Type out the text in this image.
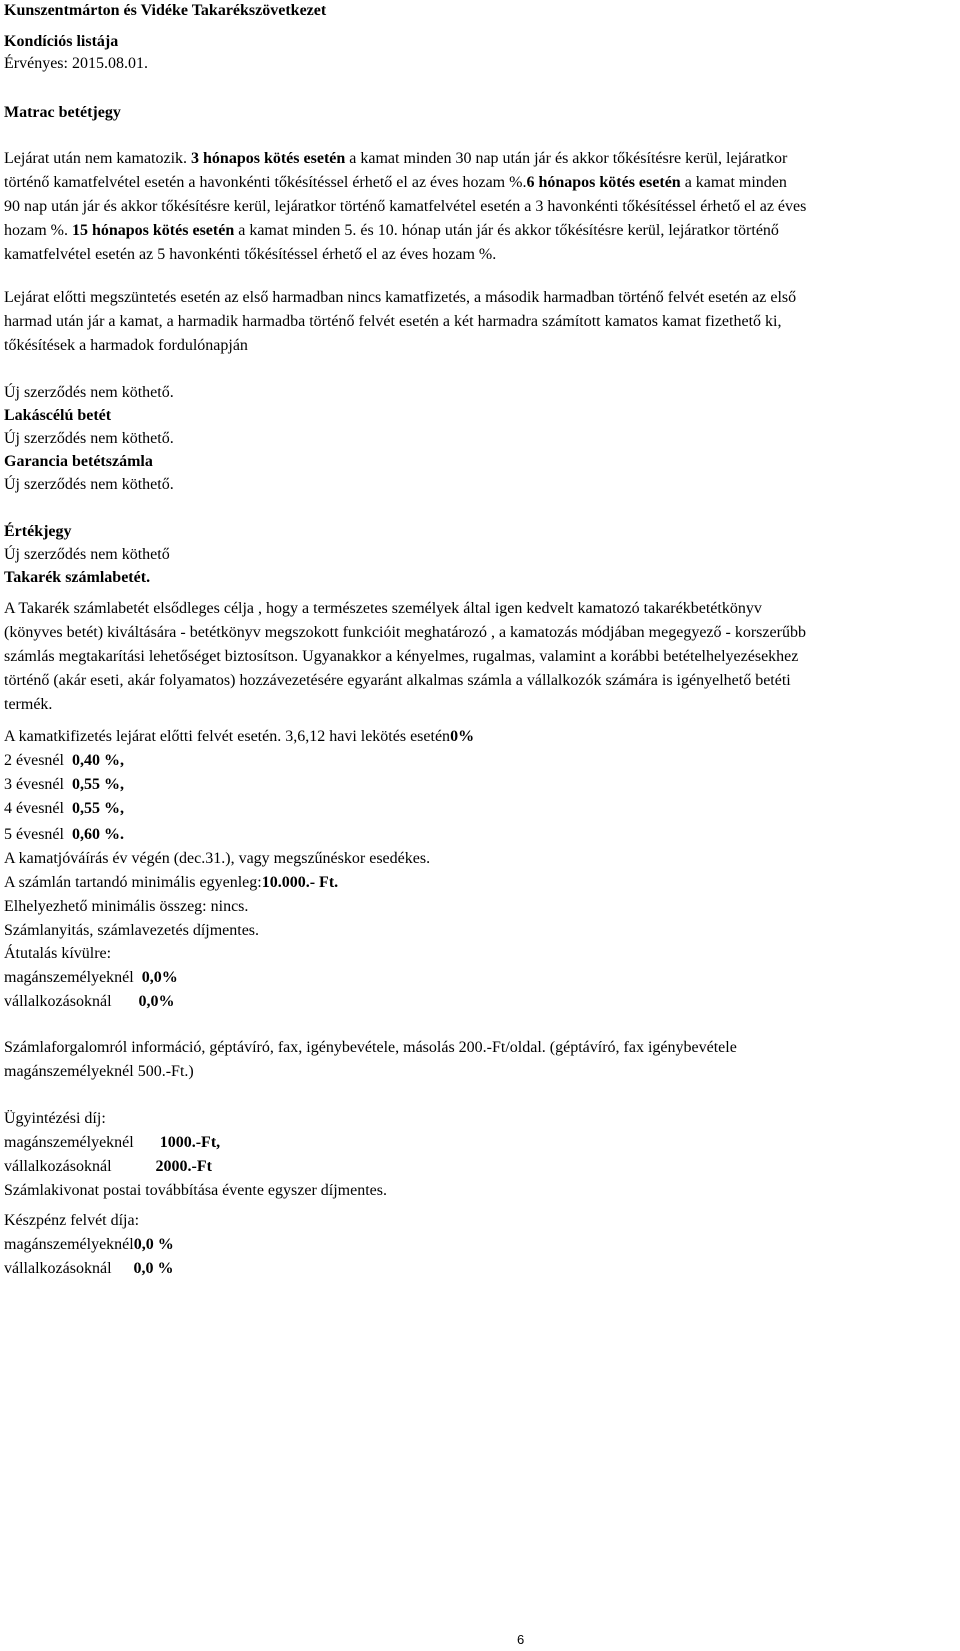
Kunszentmárton és Vidéke Takarékszövetkezet
Kondíciós listája
Érvényes: 2015.08.01.
Matrac betétjegy
Lejárat után nem kamatozik. 3 hónapos kötés esetén a kamat minden 30 nap után jár és akkor tőkésítésre kerül, lejáratkor
történő kamatfelvétel esetén a havonkénti tőkésítéssel érhető el az éves hozam %.6 hónapos kötés esetén a kamat minden
90 nap után jár és akkor tőkésítésre kerül, lejáratkor történő kamatfelvétel esetén a 3 havonkénti tőkésítéssel érhető el az éves
hozam %. 15 hónapos kötés esetén a kamat minden 5. és 10. hónap után jár és akkor tőkésítésre kerül, lejáratkor történő
kamatfelvétel esetén az 5 havonkénti tőkésítéssel érhető el az éves hozam %.
Lejárat előtti megszüntetés esetén az első harmadban nincs kamatfizetés, a második harmadban történő felvét esetén az első
harmad után jár a kamat, a harmadik harmadba történő felvét esetén a két harmadra számított kamatos kamat fizethető ki,
tőkésítések a harmadok fordulónapján
Új szerződés nem köthető.
Lakáscélú betét
Új szerződés nem köthető.
Garancia betétszámla
Új szerződés nem köthető.
Értékjegy
Új szerződés nem köthető
Takarék számlabetét.
A Takarék számlabetét elsődleges célja , hogy a természetes személyek által igen kedvelt kamatozó takarékbetétkönyv
(könyves betét) kiváltására - betétkönyv megszokott funkcióit meghatározó , a kamatozás módjában megegyező - korszerűbb
számlás megtakarítási lehetőséget biztosítson. Ugyanakkor a kényelmes, rugalmas, valamint a korábbi betételhelyezésekhez
történő (akár eseti, akár folyamatos) hozzávezetésére egyaránt alkalmas számla a vállalkozók számára is igényelhető betéti
termék.
A kamatkifizetés lejárat előtti felvét esetén. 3,6,12 havi lekötés esetén0%
2 évesnél 0,40 %,
3 évesnél 0,55 %,
4 évesnél 0,55 %,
5 évesnél 0,60 %.
A kamatjóváírás év végén (dec.31.), vagy megszűnéskor esedékes.
A számlán tartandó minimális egyenleg:10.000.- Ft.
Elhelyezhető minimális összeg: nincs.
Számlanyitás, számlavezetés díjmentes.
Átutalás kívülre:
magánszemélyeknél 0,0%
vállalkozásoknál 0,0%
Számlaforgalomról információ, géptávíró, fax, igénybevétele, másolás 200.-Ft/oldal. (géptávíró, fax igénybevétele
magánszemélyeknél 500.-Ft.)
Ügyintézési díj:
magánszemélyeknél 1000.-Ft,
vállalkozásoknál	2000.-Ft
Számlakivonat postai továbbítása évente egyszer díjmentes.
Készpénz felvét díja:
magánszemélyeknél0,0 %
vállalkozásoknál 0,0 %
6
